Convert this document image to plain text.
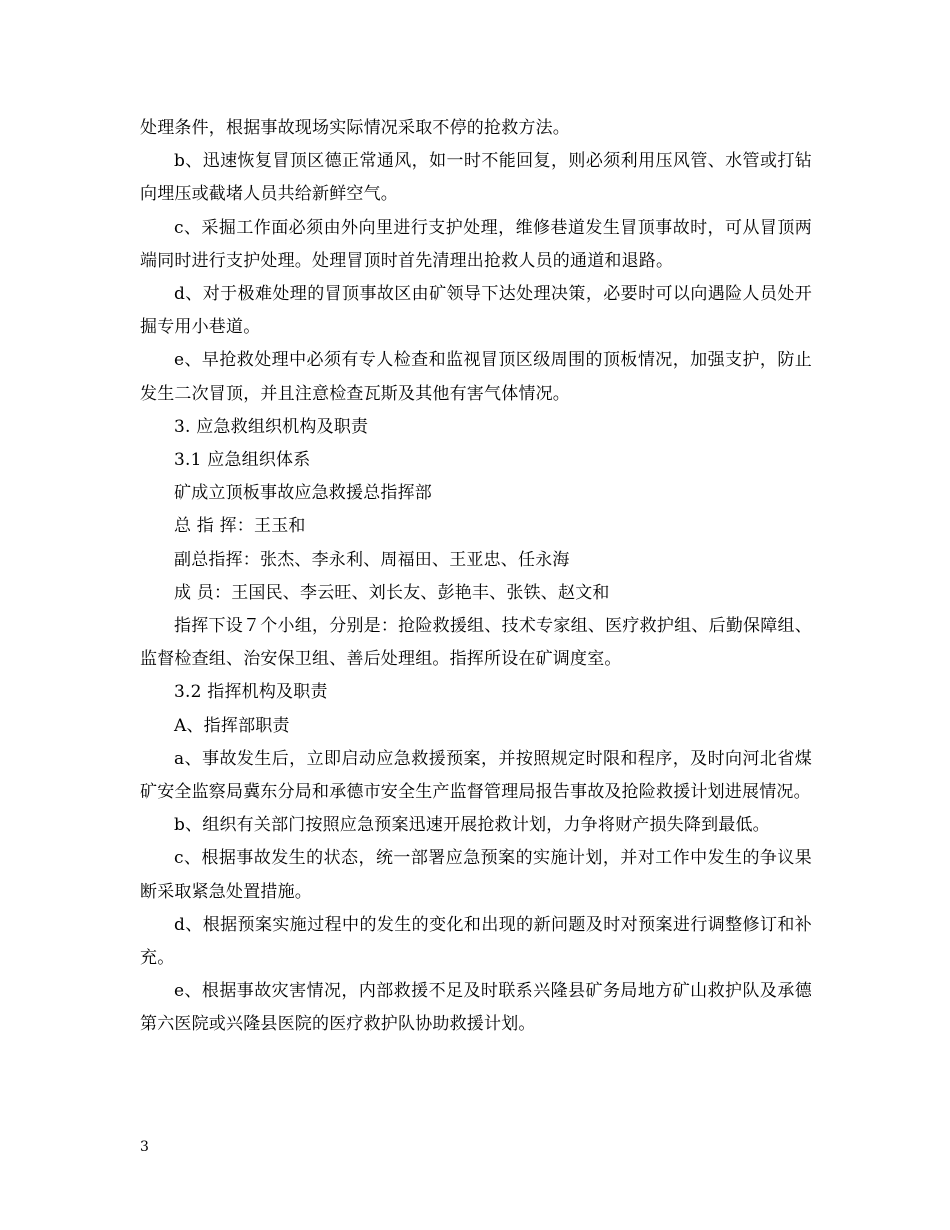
处理条件，根据事故现场实际情况采取不停的抢救方法。

b、迅速恢复冒顶区德正常通风，如一时不能回复，则必须利用压风管、水管或打钻向埋压或截堵人员共给新鲜空气。

c、采掘工作面必须由外向里进行支护处理，维修巷道发生冒顶事故时，可从冒顶两端同时进行支护处理。处理冒顶时首先清理出抢救人员的通道和退路。

d、对于极难处理的冒顶事故区由矿领导下达处理决策，必要时可以向遇险人员处开掘专用小巷道。

e、早抢救处理中必须有专人检查和监视冒顶区级周围的顶板情况，加强支护，防止发生二次冒顶，并且注意检查瓦斯及其他有害气体情况。

3. 应急救组织机构及职责

3.1 应急组织体系

矿成立顶板事故应急救援总指挥部

总 指 挥：王玉和

副总指挥：张杰、李永利、周福田、王亚忠、任永海

成 员：王国民、李云旺、刘长友、彭艳丰、张铁、赵文和

指挥下设７个小组，分别是：抢险救援组、技术专家组、医疗救护组、后勤保障组、监督检查组、治安保卫组、善后处理组。指挥所设在矿调度室。

3.2 指挥机构及职责

A、指挥部职责

a、事故发生后，立即启动应急救援预案，并按照规定时限和程序，及时向河北省煤矿安全监察局冀东分局和承德市安全生产监督管理局报告事故及抢险救援计划进展情况。

b、组织有关部门按照应急预案迅速开展抢救计划，力争将财产损失降到最低。

c、根据事故发生的状态，统一部署应急预案的实施计划，并对工作中发生的争议果断采取紧急处置措施。

d、根据预案实施过程中的发生的变化和出现的新问题及时对预案进行调整修订和补充。

e、根据事故灾害情况，内部救援不足及时联系兴隆县矿务局地方矿山救护队及承德第六医院或兴隆县医院的医疗救护队协助救援计划。

3
